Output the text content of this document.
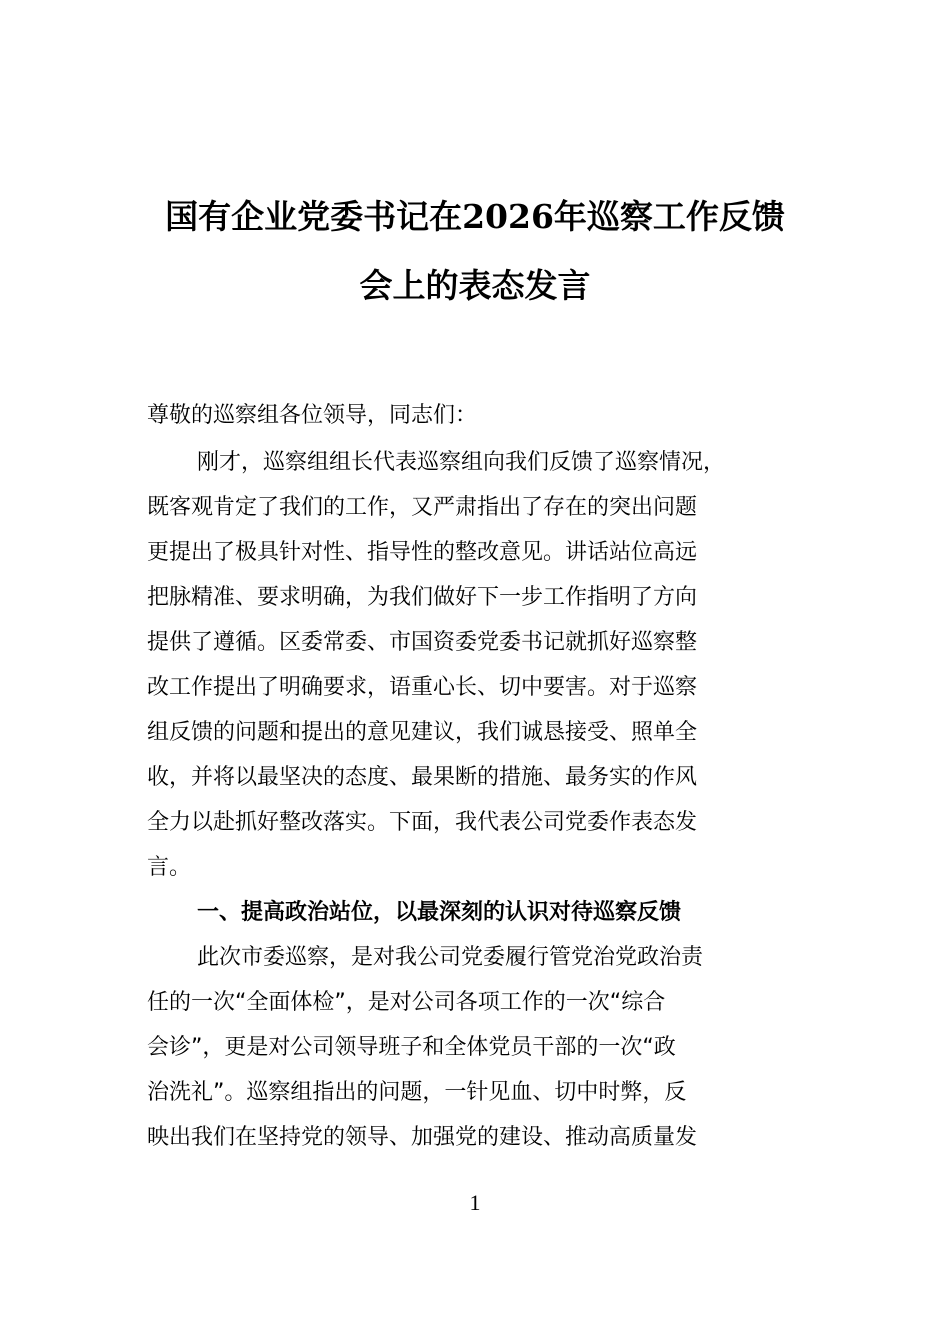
国有企业党委书记在2026年巡察工作反馈
会上的表态发言
尊敬的巡察组各位领导，同志们：
刚才，巡察组组长代表巡察组向我们反馈了巡察情况，
既客观肯定了我们的工作，又严肃指出了存在的突出问题
更提出了极具针对性、指导性的整改意见。讲话站位高远
把脉精准、要求明确，为我们做好下一步工作指明了方向
提供了遵循。区委常委、市国资委党委书记就抓好巡察整
改工作提出了明确要求，语重心长、切中要害。对于巡察
组反馈的问题和提出的意见建议，我们诚恳接受、照单全
收，并将以最坚决的态度、最果断的措施、最务实的作风
全力以赴抓好整改落实。下面，我代表公司党委作表态发
言。
一、提高政治站位，以最深刻的认识对待巡察反馈
此次市委巡察，是对我公司党委履行管党治党政治责
任的一次“全面体检”，是对公司各项工作的一次“综合
会诊”，更是对公司领导班子和全体党员干部的一次“政
治洗礼”。巡察组指出的问题，一针见血、切中时弊，反
映出我们在坚持党的领导、加强党的建设、推动高质量发
1
